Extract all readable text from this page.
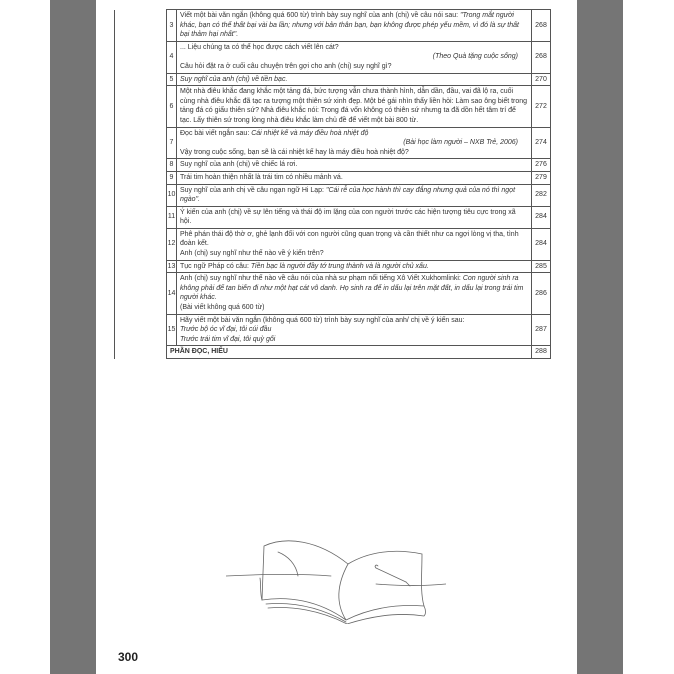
	3	Viết một bài văn ngắn (không quá 600 từ) trình bày suy nghĩ của anh (chị) về câu nói sau: "Trong mắt người khác, bạn có thể thất bại vài ba lần; nhưng với bản thân bạn, bạn không được phép yếu mềm, vì đó là sự thất bại thảm hại nhất".	268
	4	... Liệu chúng ta có thể học được cách viết lên cát?
(Theo Quà tặng cuộc sống)
Câu hỏi đặt ra ở cuối câu chuyện trên gợi cho anh (chị) suy nghĩ gì?	268
	5	Suy nghĩ của anh (chị) về tiền bạc.	270
	6	Một nhà điêu khắc đang khắc một tảng đá, bức tượng vẫn chưa thành hình, dẫn dần, đầu, vai đã lộ ra, cuối cùng nhà điêu khắc đã tạc ra tượng một thiên sứ xinh đẹp. Một bé gái nhìn thấy liền hỏi: Làm sao ông biết trong tảng đá có giấu thiên sứ? Nhà điêu khắc nói: Trong đá vốn không có thiên sứ nhưng ta đã dồn hết tâm trí để tạc. Lấy thiên sứ trong lòng nhà điêu khắc làm chủ đề để viết một bài 800 từ.	272
	7	Đọc bài viết ngắn sau: Cái nhiệt kế và máy điều hoà nhiệt độ
(Bài học làm người – NXB Trẻ, 2006)
Vậy trong cuộc sống, bạn sẽ là cái nhiệt kế hay là máy điều hoà nhiệt độ?	274
	8	Suy nghĩ của anh (chị) về chiếc lá rơi.	276
	9	Trái tim hoàn thiện nhất là trái tim có nhiều mảnh vá.	279
	10	Suy nghĩ của anh chị về câu ngạn ngữ Hi Lạp: "Cái rễ của học hành thì cay đắng nhưng quả của nó thì ngọt ngào".	282
	11	Ý kiến của anh (chị) về sự lên tiếng và thái độ im lặng của con người trước các hiện tượng tiêu cực trong xã hội.	284
	12	Phê phán thái độ thờ ơ, ghẻ lạnh đối với con người cũng quan trọng và cần thiết như ca ngợi lòng vị tha, tình đoàn kết.
Anh (chị) suy nghĩ như thế nào về ý kiến trên?	284
	13	Tục ngữ Pháp có câu: Tiền bạc là người đầy tớ trung thành và là người chủ xấu.	285
	14	Anh (chị) suy nghĩ như thế nào về câu nói của nhà sư phạm nổi tiếng Xô Viết Xukhomlinki: Con người sinh ra không phải để tan biến đi như một hạt cát vô danh. Họ sinh ra để in dấu lại trên mặt đất, in dấu lại trong trái tim người khác.
(Bài viết không quá 600 từ)	286
	15	Hãy viết một bài văn ngắn (không quá 600 từ) trình bày suy nghĩ của anh/ chị về ý kiến sau:
Trước bộ óc vĩ đại, tôi cúi đầu
Trước trái tim vĩ đại, tôi quỳ gối	287
	PHẦN ĐỌC, HIỂU		288
300
